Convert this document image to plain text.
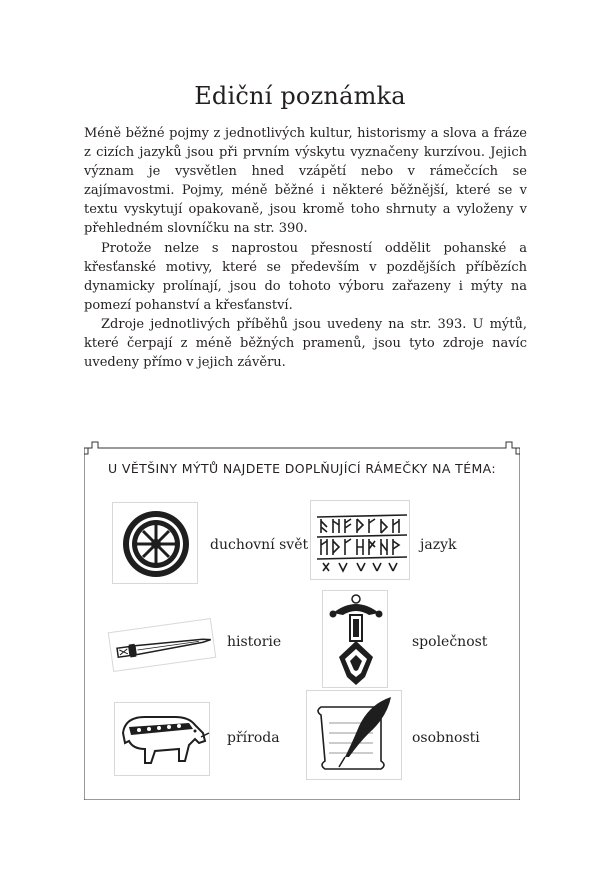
Ediční poznámka

Méně běžné pojmy z jednotlivých kultur, historismy a slova a fráze z cizích jazyků jsou při prvním výskytu vyznačeny kurzívou. Jejich význam je vysvětlen hned vzápětí nebo v rámečcích se zajímavostmi. Pojmy, méně běžné i některé běžnější, které se v textu vyskytují opakovaně, jsou kromě toho shrnuty a vyloženy v přehledném slovníčku na str. 390.

Protože nelze s naprostou přesností oddělit pohanské a křesťanské motivy, které se především v pozdějších příbězích dynamicky prolínají, jsou do tohoto výboru zařazeny i mýty na pomezí pohanství a křesťanství.

Zdroje jednotlivých příběhů jsou uvedeny na str. 393. U mýtů, které čerpají z méně běžných pramenů, jsou tyto zdroje navíc uvedeny přímo v jejich závěru.

U VĚTŠINY MÝTŮ NAJDETE DOPLŇUJÍCÍ RÁMEČKY NA TÉMA:
duchovní svět	jazyk
historie	společnost
příroda	osobnosti
